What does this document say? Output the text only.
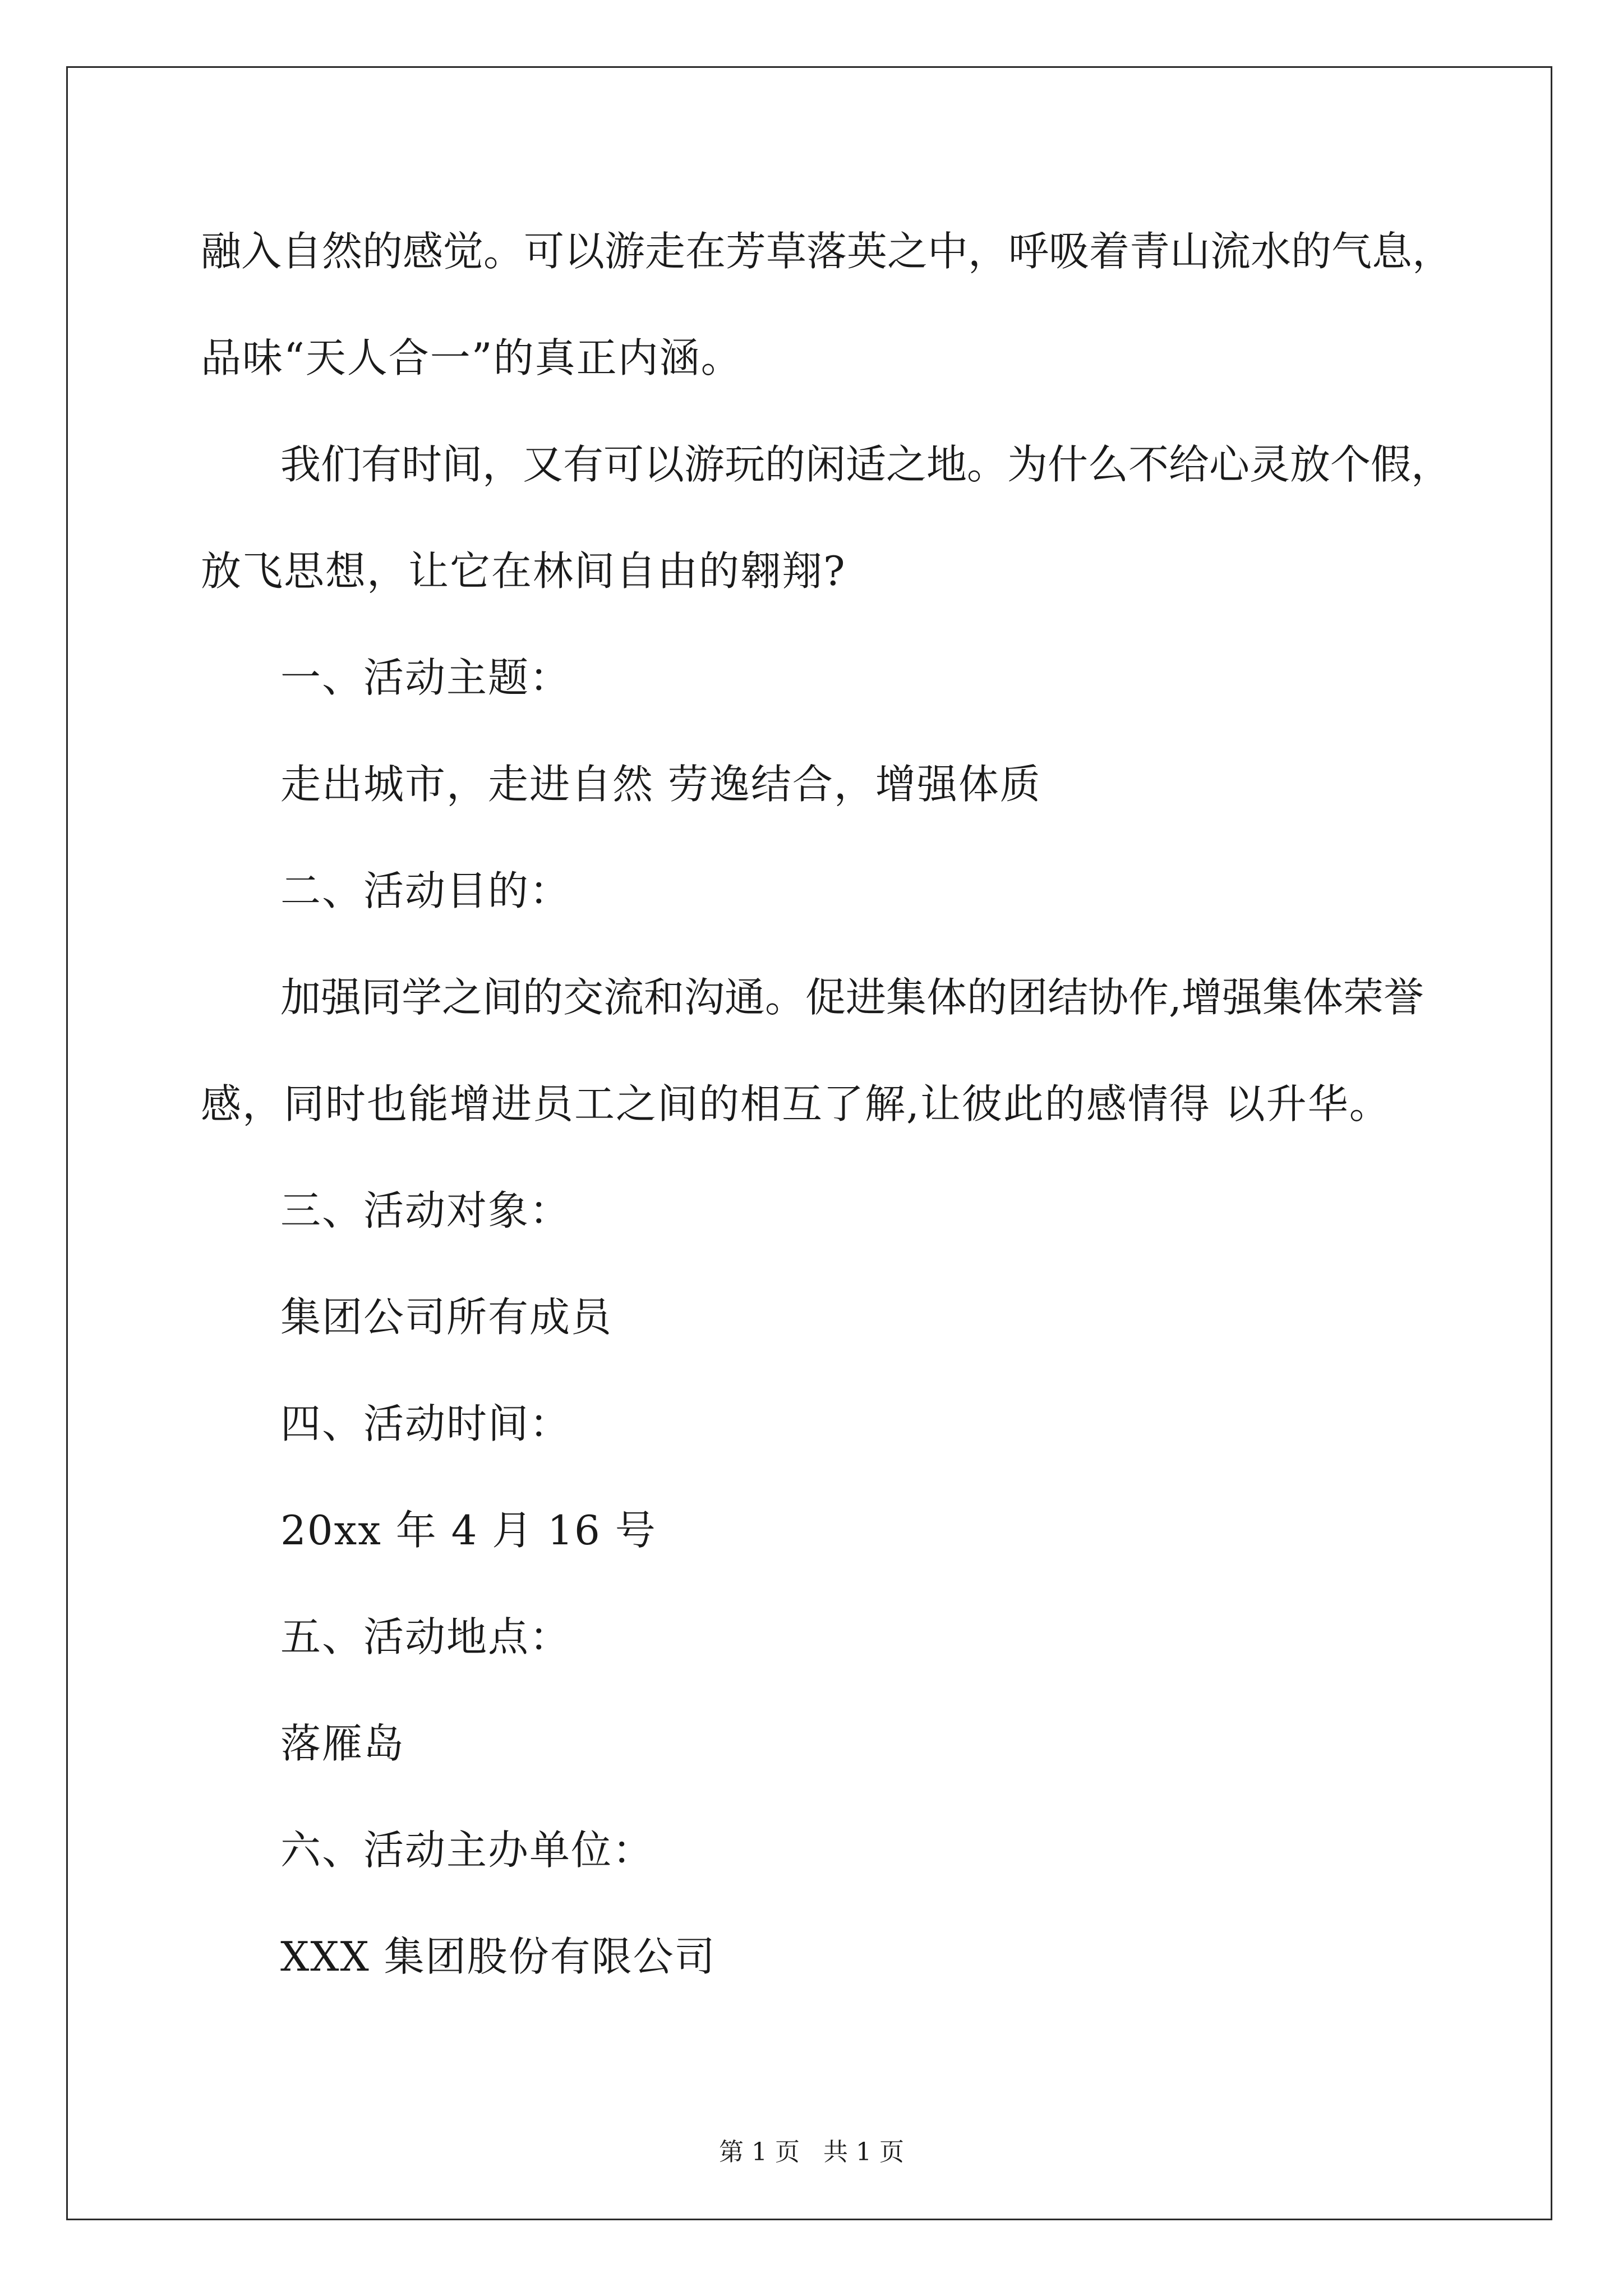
融入自然的感觉。可以游走在芳草落英之中，呼吸着青山流水的气息，

品味“天人合一”的真正内涵。

我们有时间，又有可以游玩的闲适之地。为什么不给心灵放个假，

放飞思想，让它在林间自由的翱翔?

一、活动主题：

走出城市，走进自然 劳逸结合，增强体质

二、活动目的：

加强同学之间的交流和沟通。促进集体的团结协作,增强集体荣誉

感，同时也能增进员工之间的相互了解,让彼此的感情得 以升华。

三、活动对象：

集团公司所有成员

四、活动时间：

20xx 年 4 月 16 号

五、活动地点：

落雁岛

六、活动主办单位：

XXX 集团股份有限公司

第 1 页   共 1 页
